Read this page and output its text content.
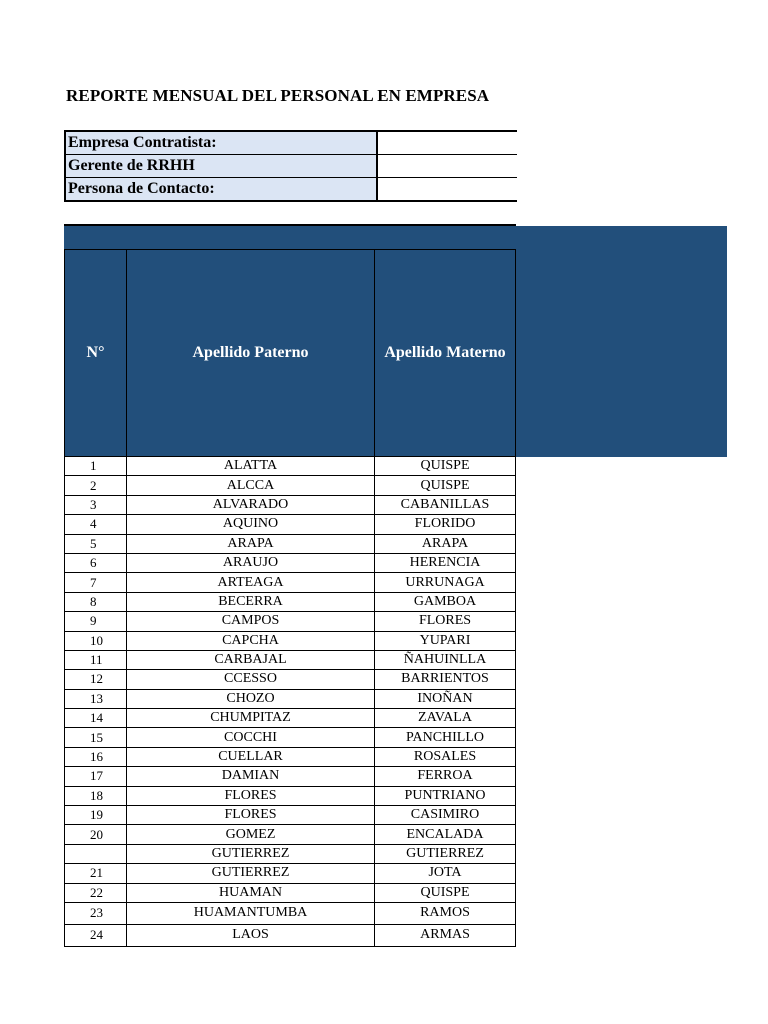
REPORTE MENSUAL DEL PERSONAL EN EMPRESA
Empresa Contratista:	
Gerente de RRHH	
Persona de Contacto:	
N°	Apellido Paterno	Apellido Materno
1	ALATTA	QUISPE
2	ALCCA	QUISPE
3	ALVARADO	CABANILLAS
4	AQUINO	FLORIDO
5	ARAPA	ARAPA
6	ARAUJO	HERENCIA
7	ARTEAGA	URRUNAGA
8	BECERRA	GAMBOA
9	CAMPOS	FLORES
10	CAPCHA	YUPARI
11	CARBAJAL	ÑAHUINLLA
12	CCESSO	BARRIENTOS
13	CHOZO	INOÑAN
14	CHUMPITAZ	ZAVALA
15	COCCHI	PANCHILLO
16	CUELLAR	ROSALES
17	DAMIAN	FERROA
18	FLORES	PUNTRIANO
19	FLORES	CASIMIRO
20	GOMEZ	ENCALADA
	GUTIERREZ	GUTIERREZ
21	GUTIERREZ	JOTA
22	HUAMAN	QUISPE
23	HUAMANTUMBA	RAMOS
24	LAOS	ARMAS
